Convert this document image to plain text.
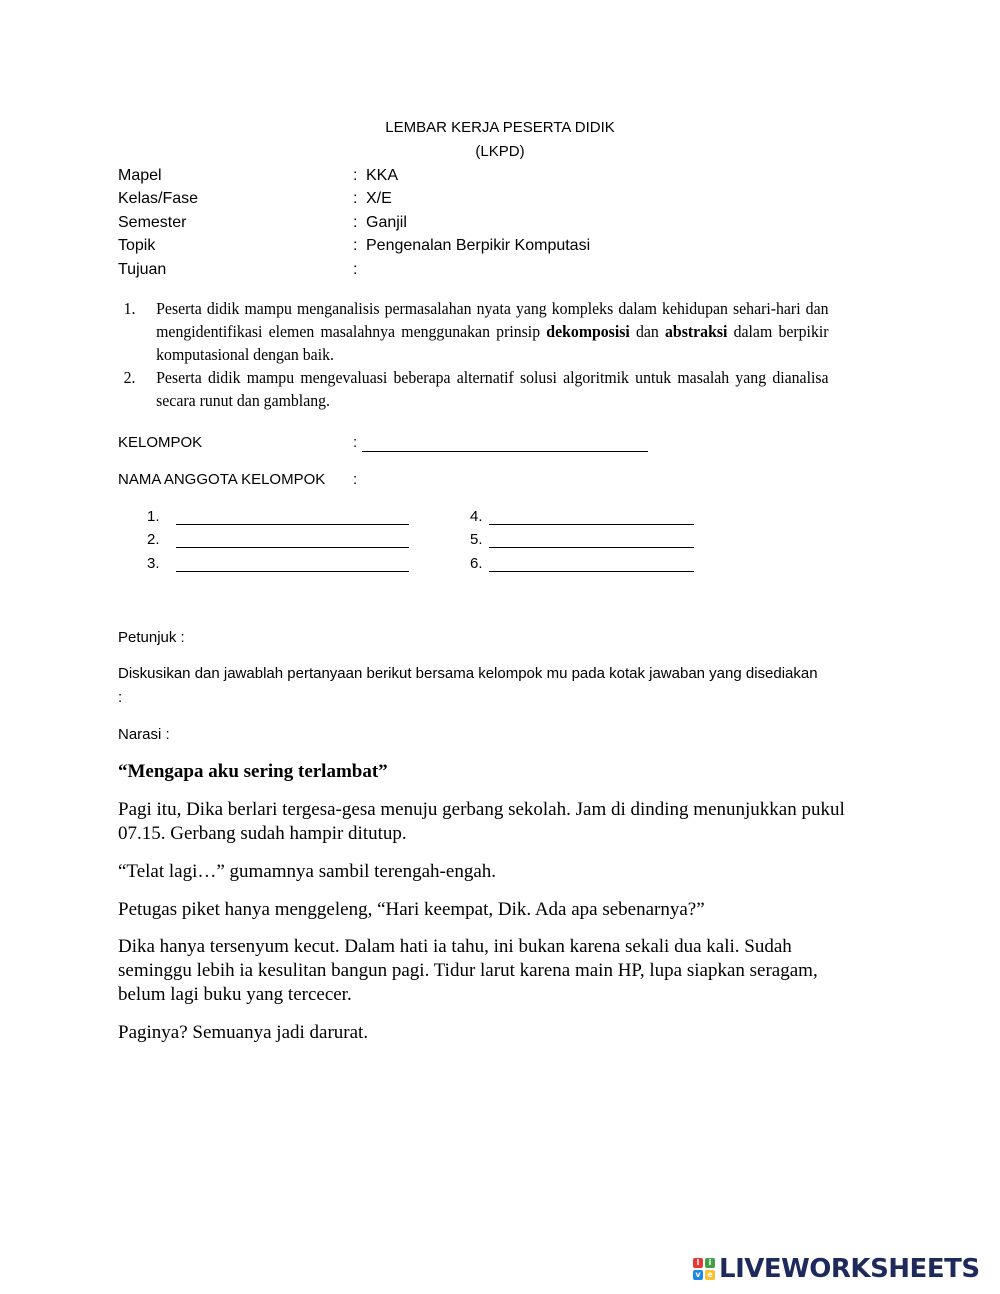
LEMBAR KERJA PESERTA DIDIK
(LKPD)
Mapel	: KKA
Kelas/Fase	: X/E
Semester	: Ganjil
Topik	: Pengenalan Berpikir Komputasi
Tujuan	:

1. Peserta didik mampu menganalisis permasalahan nyata yang kompleks dalam kehidupan sehari-hari dan mengidentifikasi elemen masalahnya menggunakan prinsip dekomposisi dan abstraksi dalam berpikir komputasional dengan baik.

2. Peserta didik mampu mengevaluasi beberapa alternatif solusi algoritmik untuk masalah yang dianalisa secara runut dan gamblang.

KELOMPOK	:
NAMA ANGGOTA KELOMPOK :
1.
2.
3.
4.
5.
6.
Petunjuk :
Diskusikan dan jawablah pertanyaan berikut bersama kelompok mu pada kotak jawaban yang disediakan
:
Narasi :
“Mengapa aku sering terlambat”
Pagi itu, Dika berlari tergesa-gesa menuju gerbang sekolah. Jam di dinding menunjukkan pukul
07.15. Gerbang sudah hampir ditutup.
“Telat lagi…” gumamnya sambil terengah-engah.
Petugas piket hanya menggeleng, “Hari keempat, Dik. Ada apa sebenarnya?”
Dika hanya tersenyum kecut. Dalam hati ia tahu, ini bukan karena sekali dua kali. Sudah
seminggu lebih ia kesulitan bangun pagi. Tidur larut karena main HP, lupa siapkan seragam,
belum lagi buku yang tercecer.
Paginya? Semuanya jadi darurat.
l	i
v e LIVEWORKSHEETS
